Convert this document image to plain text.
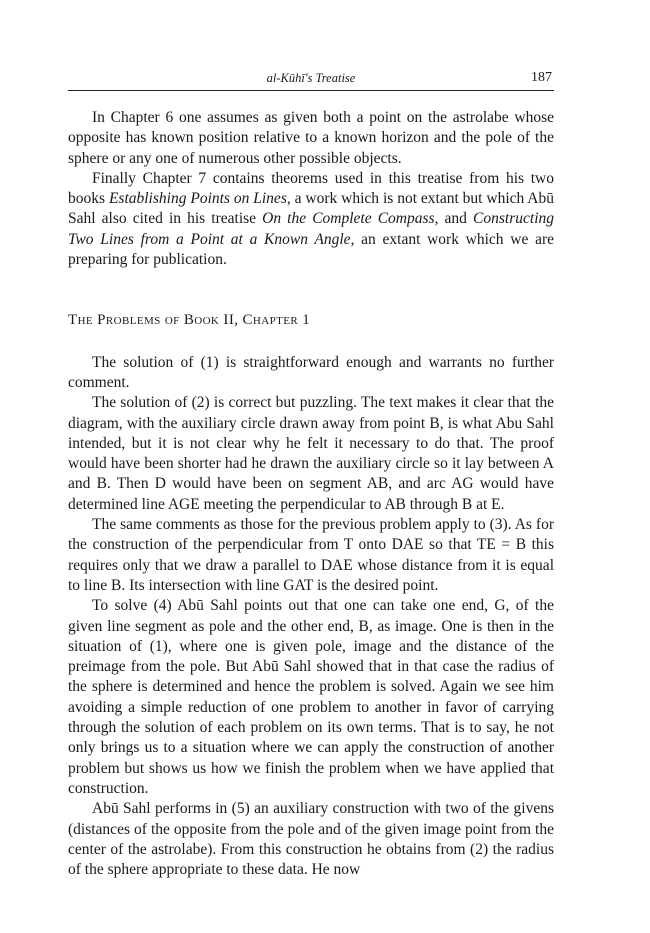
al-Kūhī's Treatise	187

In Chapter 6 one assumes as given both a point on the astrolabe whose opposite has known position relative to a known horizon and the pole of the sphere or any one of numerous other possible objects.

Finally Chapter 7 contains theorems used in this treatise from his two books Establishing Points on Lines, a work which is not extant but which Abū Sahl also cited in his treatise On the Complete Compass, and Constructing Two Lines from a Point at a Known Angle, an extant work which we are preparing for publication.

The Problems of Book II, Chapter 1

The solution of (1) is straightforward enough and warrants no further comment.

The solution of (2) is correct but puzzling. The text makes it clear that the diagram, with the auxiliary circle drawn away from point B, is what Abu Sahl intended, but it is not clear why he felt it necessary to do that. The proof would have been shorter had he drawn the auxiliary circle so it lay between A and B. Then D would have been on segment AB, and arc AG would have determined line AGE meeting the perpendicular to AB through B at E.

The same comments as those for the previous problem apply to (3). As for the construction of the perpendicular from T onto DAE so that TE = B this requires only that we draw a parallel to DAE whose distance from it is equal to line B. Its intersection with line GAT is the desired point.

To solve (4) Abū Sahl points out that one can take one end, G, of the given line segment as pole and the other end, B, as image. One is then in the situation of (1), where one is given pole, image and the distance of the preimage from the pole. But Abū Sahl showed that in that case the radius of the sphere is determined and hence the problem is solved. Again we see him avoiding a simple reduction of one problem to another in favor of carrying through the solution of each problem on its own terms. That is to say, he not only brings us to a situation where we can apply the construction of another problem but shows us how we finish the problem when we have applied that construction.

Abū Sahl performs in (5) an auxiliary construction with two of the givens (distances of the opposite from the pole and of the given image point from the center of the astrolabe). From this construction he obtains from (2) the radius of the sphere appropriate to these data. He now
